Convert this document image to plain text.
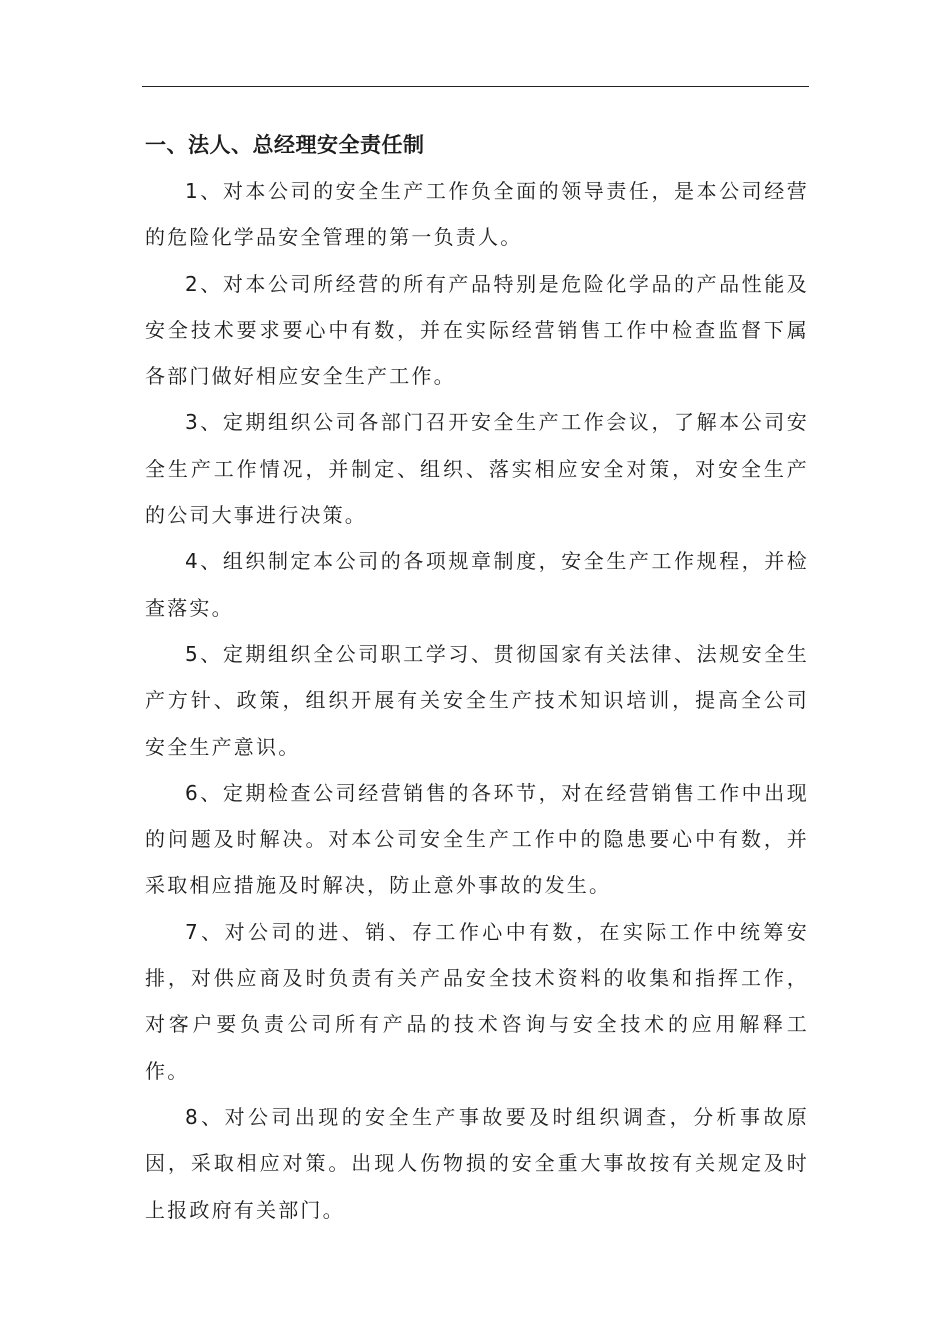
一、法人、总经理安全责任制

1、对本公司的安全生产工作负全面的领导责任，是本公司经营的危险化学品安全管理的第一负责人。

2、对本公司所经营的所有产品特别是危险化学品的产品性能及安全技术要求要心中有数，并在实际经营销售工作中检查监督下属各部门做好相应安全生产工作。

3、定期组织公司各部门召开安全生产工作会议，了解本公司安全生产工作情况，并制定、组织、落实相应安全对策，对安全生产的公司大事进行决策。

4、组织制定本公司的各项规章制度，安全生产工作规程，并检查落实。

5、定期组织全公司职工学习、贯彻国家有关法律、法规安全生产方针、政策，组织开展有关安全生产技术知识培训，提高全公司安全生产意识。

6、定期检查公司经营销售的各环节，对在经营销售工作中出现的问题及时解决。对本公司安全生产工作中的隐患要心中有数，并采取相应措施及时解决，防止意外事故的发生。

7、对公司的进、销、存工作心中有数，在实际工作中统筹安排，对供应商及时负责有关产品安全技术资料的收集和指挥工作，对客户要负责公司所有产品的技术咨询与安全技术的应用解释工作。

8、对公司出现的安全生产事故要及时组织调查，分析事故原因，采取相应对策。出现人伤物损的安全重大事故按有关规定及时上报政府有关部门。
